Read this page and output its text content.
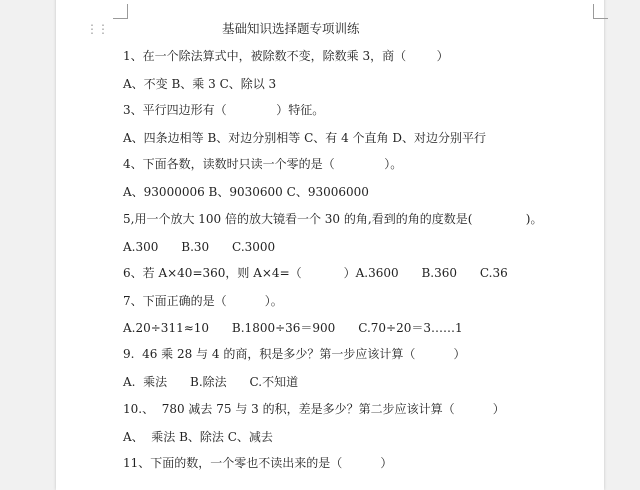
⋮⋮	基础知识选择题专项训练
1、在一个除法算式中，被除数不变，除数乘 3，商（        ）
A、不变 B、乘 3 C、除以 3
3、平行四边形有（             ）特征。
A、四条边相等 B、对边分别相等 C、有 4 个直角 D、对边分别平行
4、下面各数，读数时只读一个零的是（             ）。
A、93000006 B、9030600 C、93006000
5,用一个放大 100 倍的放大镜看一个 30 的角,看到的角的度数是(              )。
A.300      B.30      C.3000
6、若 A×40=360，则 A×4=（           ）A.3600      B.360      C.36
7、下面正确的是（          ）。
A.20÷311≈10      B.1800÷36＝900      C.70÷20＝3……1
9.  46 乘 28 与 4 的商，积是多少？第一步应该计算（          ）
A.  乘法      B.除法      C.不知道
10.、  780 减去 75 与 3 的积，差是多少？第二步应该计算（          ）
A、  乘法 B、除法 C、减去
11、下面的数，一个零也不读出来的是（          ）
